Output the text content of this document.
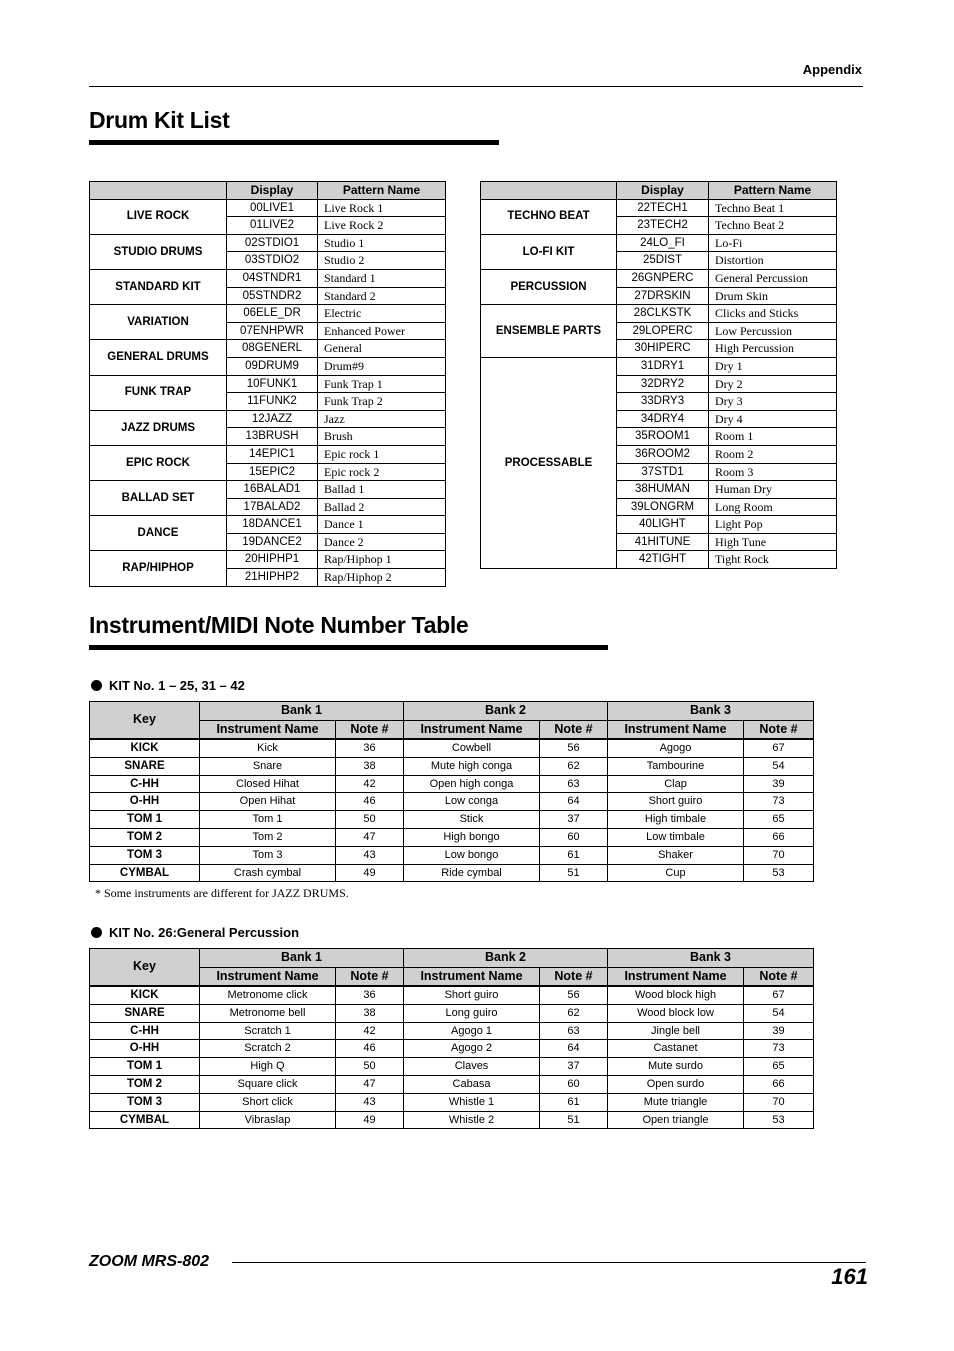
Appendix
Drum Kit List
	Display	Pattern Name
LIVE ROCK	00LIVE1	Live Rock 1
	01LIVE2	Live Rock 2
STUDIO DRUMS	02STDIO1	Studio 1
	03STDIO2	Studio 2
STANDARD KIT	04STNDR1	Standard 1
	05STNDR2	Standard 2
VARIATION	06ELE_DR	Electric
	07ENHPWR	Enhanced Power
GENERAL DRUMS	08GENERL	General
	09DRUM9	Drum#9
FUNK TRAP	10FUNK1	Funk Trap 1
	11FUNK2	Funk Trap 2
JAZZ DRUMS	12JAZZ	Jazz
	13BRUSH	Brush
EPIC ROCK	14EPIC1	Epic rock 1
	15EPIC2	Epic rock 2
BALLAD SET	16BALAD1	Ballad 1
	17BALAD2	Ballad 2
DANCE	18DANCE1	Dance 1
	19DANCE2	Dance 2
RAP/HIPHOP	20HIPHP1	Rap/Hiphop 1
	21HIPHP2	Rap/Hiphop 2
	Display	Pattern Name
TECHNO BEAT	22TECH1	Techno Beat 1
	23TECH2	Techno Beat 2
LO-FI KIT	24LO_FI	Lo-Fi
	25DIST	Distortion
PERCUSSION	26GNPERC	General Percussion
	27DRSKIN	Drum Skin
ENSEMBLE PARTS	28CLKSTK	Clicks and Sticks
	29LOPERC	Low Percussion
	30HIPERC	High Percussion
PROCESSABLE	31DRY1	Dry 1
	32DRY2	Dry 2
	33DRY3	Dry 3
	34DRY4	Dry 4
	35ROOM1	Room 1
	36ROOM2	Room 2
	37STD1	Room 3
	38HUMAN	Human Dry
	39LONGRM	Long Room
	40LIGHT	Light Pop
	41HITUNE	High Tune
	42TIGHT	Tight Rock
Instrument/MIDI Note Number Table
KIT No. 1 – 25, 31 – 42
Key	Bank 1		Bank 2		Bank 3	
	Instrument Name	Note #	Instrument Name	Note #	Instrument Name	Note #
KICK	Kick	36	Cowbell	56	Agogo	67
SNARE	Snare	38	Mute high conga	62	Tambourine	54
C-HH	Closed Hihat	42	Open high conga	63	Clap	39
O-HH	Open Hihat	46	Low conga	64	Short guiro	73
TOM 1	Tom 1	50	Stick	37	High timbale	65
TOM 2	Tom 2	47	High bongo	60	Low timbale	66
TOM 3	Tom 3	43	Low bongo	61	Shaker	70
CYMBAL	Crash cymbal	49	Ride cymbal	51	Cup	53
* Some instruments are different for JAZZ DRUMS.
KIT No. 26:General Percussion
Key	Bank 1		Bank 2		Bank 3	
	Instrument Name	Note #	Instrument Name	Note #	Instrument Name	Note #
KICK	Metronome click	36	Short guiro	56	Wood block high	67
SNARE	Metronome bell	38	Long guiro	62	Wood block low	54
C-HH	Scratch 1	42	Agogo 1	63	Jingle bell	39
O-HH	Scratch 2	46	Agogo 2	64	Castanet	73
TOM 1	High Q	50	Claves	37	Mute surdo	65
TOM 2	Square click	47	Cabasa	60	Open surdo	66
TOM 3	Short click	43	Whistle 1	61	Mute triangle	70
CYMBAL	Vibraslap	49	Whistle 2	51	Open triangle	53
ZOOM MRS-802
161
